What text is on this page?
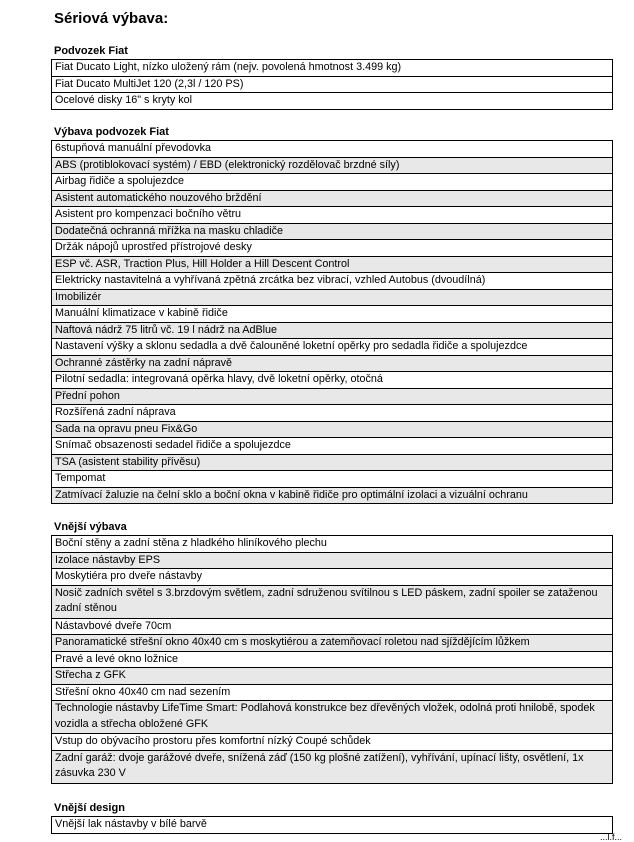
Sériová výbava:
Podvozek Fiat
Fiat Ducato Light, nízko uložený rám (nejv. povolená hmotnost 3.499 kg)
Fiat Ducato MultiJet 120 (2,3l / 120 PS)
Ocelové disky 16" s kryty kol
Výbava podvozek Fiat
6stupňová manuální převodovka
ABS (protiblokovací systém) / EBD (elektronický rozdělovač brzdné síly)
Airbag řidiče a spolujezdce
Asistent automatického nouzového brždění
Asistent pro kompenzaci bočního větru
Dodatečná ochranná mřížka na masku chladiče
Držák nápojů uprostřed přístrojové desky
ESP vč. ASR, Traction Plus, Hill Holder a Hill Descent Control
Elektricky nastavitelná a vyhřívaná zpětná zrcátka bez vibrací, vzhled Autobus (dvoudílná)
Imobilizér
Manuální klimatizace v kabině řidiče
Naftová nádrž 75 litrů vč. 19 l nádrž na AdBlue
Nastavení výšky a sklonu sedadla a dvě čalouněné loketní opěrky pro sedadla řidiče a spolujezdce
Ochranné zástěrky na zadní nápravě
Pilotní sedadla: integrovaná opěrka hlavy, dvě loketní opěrky, otočná
Přední pohon
Rozšířená zadní náprava
Sada na opravu pneu Fix&Go
Snímač obsazenosti sedadel řidiče a spolujezdce
TSA (asistent stability přívěsu)
Tempomat
Zatmívací žaluzie na čelní sklo a boční okna v kabině řidiče pro optimální izolaci a vizuální ochranu
Vnější výbava
Boční stěny a zadní stěna z hladkého hliníkového plechu
Izolace nástavby EPS
Moskytiéra pro dveře nástavby
Nosič zadních světel s 3.brzdovým světlem, zadní sdruženou svítilnou s LED páskem, zadní spoiler se zataženou zadní stěnou
Nástavbové dveře 70cm
Panoramatické střešní okno 40x40 cm s moskytiérou a zatemňovací roletou nad sjíždějícím lůžkem
Pravé a levé okno ložnice
Střecha z GFK
Střešní okno 40x40 cm nad sezením
Technologie nástavby LifeTime Smart: Podlahová konstrukce bez dřevěných vložek, odolná proti hnilobě, spodek vozidla a střecha obložené GFK
Vstup do obývacího prostoru přes komfortní nízký Coupé schůdek
Zadní garáž: dvoje garážové dveře, snížená záď (150 kg plošné zatížení), vyhřívání, upínací lišty, osvětlení, 1x zásuvka 230 V
Vnější design
Vnější lak nástavby v bílé barvě
...l.f...
